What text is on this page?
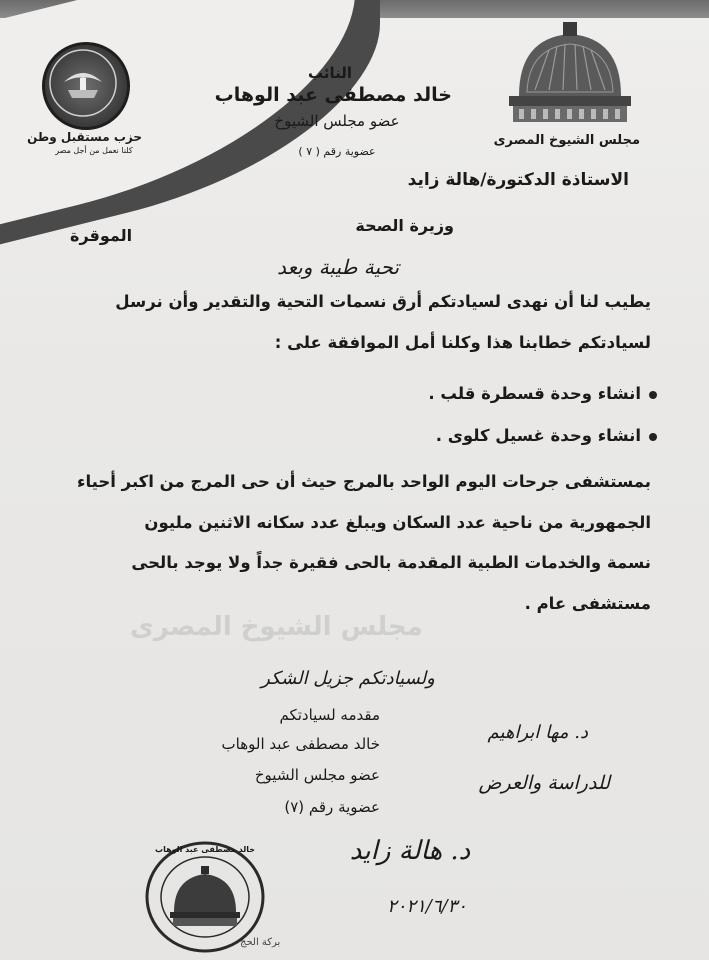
حزب مستقبل وطن
كلنا نعمل من أجل مصر
النائب
خالد مصطفى عبد الوهاب
عضو مجلس الشيوخ
عضوية رقم ( ٧ )
مجلس الشيوخ المصرى
الاستاذة الدكتورة/هالة زايد
وزيرة الصحة
الموقرة
تحية طيبة وبعد
يطيب لنا أن نهدى لسيادتكم أرق نسمات التحية والتقدير وأن نرسل
لسيادتكم خطابنا هذا وكلنا أمل الموافقة على :
انشاء وحدة قسطرة قلب .
انشاء وحدة غسيل كلوى .
بمستشفى جرحات اليوم الواحد بالمرج حيث أن حى المرج من اكبر أحياء
الجمهورية من ناحية عدد السكان ويبلغ عدد سكانه الاثنين مليون
نسمة والخدمات الطبية المقدمة بالحى فقيرة جداً ولا يوجد بالحى
مجلس الشيوخ المصرى
مستشفى عام .
ولسيادتكم جزيل الشكر
مقدمه لسيادتكم
خالد مصطفى عبد الوهاب
عضو مجلس الشيوخ
عضوية رقم (٧)
د. مها ابراهيم
للدراسة والعرض
د. هالة زايد
٢٠٢١/٦/٣٠
خالد مصطفى عبد الوهاب
بركة الحج
